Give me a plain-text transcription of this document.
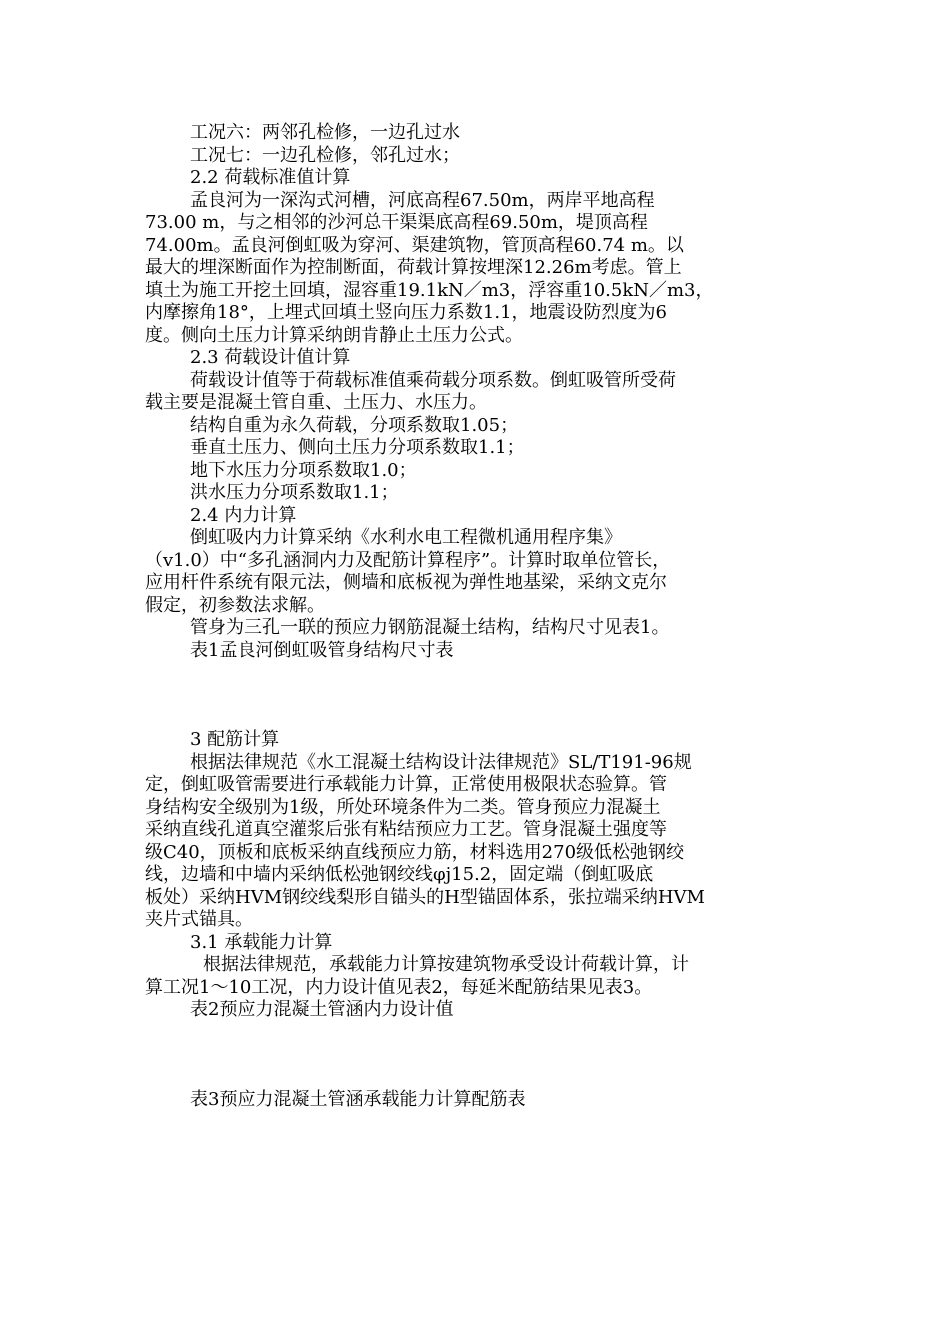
工况六：两邻孔检修，一边孔过水
工况七：一边孔检修，邻孔过水；
2.2 荷载标准值计算
孟良河为一深沟式河槽，河底高程67.50m，两岸平地高程
73.00 m，与之相邻的沙河总干渠渠底高程69.50m，堤顶高程
74.00m。孟良河倒虹吸为穿河、渠建筑物，管顶高程60.74 m。以
最大的埋深断面作为控制断面，荷载计算按埋深12.26m考虑。管上
填土为施工开挖土回填，湿容重19.1kN／m3，浮容重10.5kN／m3，
内摩擦角18°，上埋式回填土竖向压力系数1.1，地震设防烈度为6
度。侧向土压力计算采纳朗肯静止土压力公式。
2.3 荷载设计值计算
荷载设计值等于荷载标准值乘荷载分项系数。倒虹吸管所受荷
载主要是混凝土管自重、土压力、水压力。
结构自重为永久荷载，分项系数取1.05；
垂直土压力、侧向土压力分项系数取1.1；
地下水压力分项系数取1.0；
洪水压力分项系数取1.1；
2.4 内力计算
倒虹吸内力计算采纳《水利水电工程微机通用程序集》
（v1.0）中“多孔涵洞内力及配筋计算程序”。计算时取单位管长，
应用杆件系统有限元法，侧墙和底板视为弹性地基梁，采纳文克尔
假定，初参数法求解。
管身为三孔一联的预应力钢筋混凝土结构，结构尺寸见表1。
表1孟良河倒虹吸管身结构尺寸表
3 配筋计算
根据法律规范《水工混凝土结构设计法律规范》SL/T191-96规
定，倒虹吸管需要进行承载能力计算，正常使用极限状态验算。管
身结构安全级别为1级，所处环境条件为二类。管身预应力混凝土
采纳直线孔道真空灌浆后张有粘结预应力工艺。管身混凝土强度等
级C40，顶板和底板采纳直线预应力筋，材料选用270级低松弛钢绞
线，边墙和中墙内采纳低松弛钢绞线φj15.2，固定端（倒虹吸底
板处）采纳HVM钢绞线梨形自锚头的H型锚固体系，张拉端采纳HVM
夹片式锚具。
3.1 承载能力计算
根据法律规范，承载能力计算按建筑物承受设计荷载计算，计
算工况1～10工况，内力设计值见表2，每延米配筋结果见表3。
表2预应力混凝土管涵内力设计值
表3预应力混凝土管涵承载能力计算配筋表
